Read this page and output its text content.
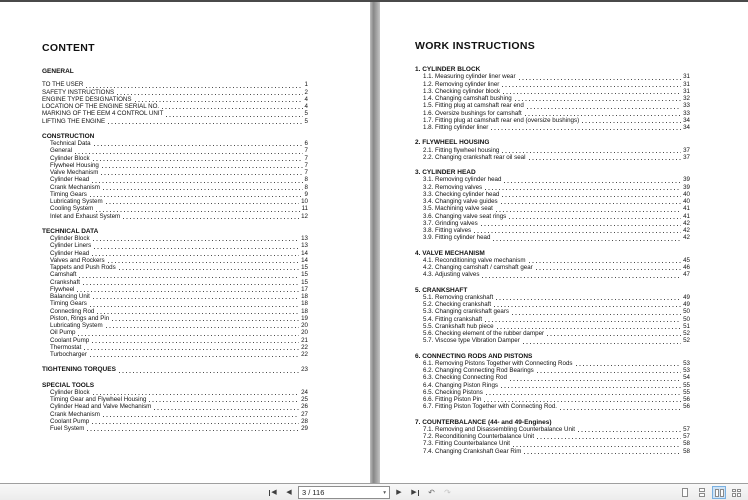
CONTENT
GENERAL
TO THE USER	1
SAFETY INSTRUCTIONS	2
ENGINE TYPE DESIGNATIONS	4
LOCATION OF THE ENGINE SERIAL NO.	4
MARKING OF THE EEM 4 CONTROL UNIT	5
LIFTING THE ENGINE	5
CONSTRUCTION
Technical Data	6
General	7
Cylinder Block	7
Flywheel Housing	7
Valve Mechanism	7
Cylinder Head	8
Crank Mechanism	8
Timing Gears	9
Lubricating System	10
Cooling System	11
Inlet and Exhaust System	12
TECHNICAL DATA
Cylinder Block	13
Cylinder Liners	13
Cylinder Head	14
Valves and Rockers	14
Tappets and Push Rods	15
Camshaft	15
Crankshaft	15
Flywheel	17
Balancing Unit	18
Timing Gears	18
Connecting Rod	18
Piston, Rings and Pin	19
Lubricating System	20
Oil Pump	20
Coolant Pump	21
Thermostat	22
Turbocharger	22
TIGHTENING TORQUES	23
SPECIAL TOOLS
Cylinder Block	24
Timing Gear and Flywheel Housing	25
Cylinder Head and Valve Mechanism	26
Crank Mechanism	27
Coolant Pump	28
Fuel System	29
WORK INSTRUCTIONS
1. CYLINDER BLOCK
1.1. Measuring cylinder liner wear	31
1.2. Removing cylinder liner	31
1.3. Checking cylinder block	31
1.4. Changing camshaft bushing	32
1.5. Fitting plug at camshaft rear end	33
1.6. Oversize bushings for camshaft	33
1.7. Fitting plug at camshaft rear end (oversize bushings)	34
1.8. Fitting cylinder liner	34
2. FLYWHEEL HOUSING
2.1. Fitting flywheel housing	37
2.2. Changing crankshaft rear oil seal	37
3. CYLINDER HEAD
3.1. Removing cylinder head	39
3.2. Removing valves	39
3.3. Checking cylinder head	40
3.4. Changing valve guides	40
3.5. Machining valve seat	41
3.6. Changing valve seat rings	41
3.7. Grinding valves	42
3.8. Fitting valves	42
3.9. Fitting cylinder head	42
4. VALVE MECHANISM
4.1. Reconditioning valve mechanism	45
4.2. Changing camshaft / camshaft gear	46
4.3. Adjusting valves	47
5. CRANKSHAFT
5.1. Removing crankshaft	49
5.2. Checking crankshaft	49
5.3. Changing crankshaft gears	50
5.4. Fitting crankshaft	50
5.5. Crankshaft hub piece	51
5.6. Checking element of the rubber damper	52
5.7. Viscose type Vibration Damper	52
6. CONNECTING RODS AND PISTONS
6.1. Removing Pistons Together with Connecting Rods	53
6.2. Changing Connecting Rod Bearings	53
6.3. Checking Connecting Rod	54
6.4. Changing Piston Rings	55
6.5. Checking Pistons	55
6.6. Fitting Piston Pin	56
6.7. Fitting Piston Together with Connecting Rod.	56
7. COUNTERBALANCE (44- and 49-Engines)
7.1. Removing and Disassembling Counterbalance Unit	57
7.2. Reconditioning Counterbalance Unit	57
7.3. Fitting Counterbalance Unit	58
7.4. Changing Crankshaft Gear Rim	58
◀ ◀ 3 / 116	▾ ▶ ▶ ↶ ↷
